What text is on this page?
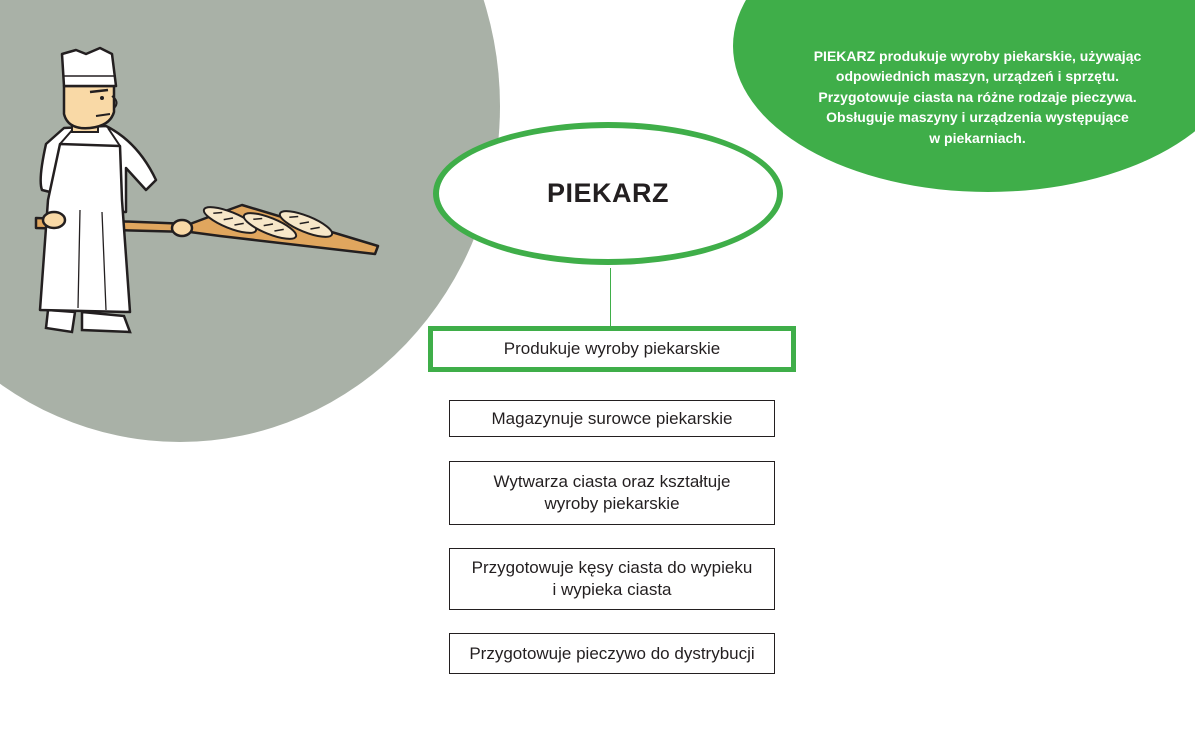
PIEKARZ produkuje wyroby piekarskie, używając
odpowiednich maszyn, urządzeń i sprzętu.
Przygotowuje ciasta na różne rodzaje pieczywa.
Obsługuje maszyny i urządzenia występujące
w piekarniach.
PIEKARZ
Produkuje wyroby piekarskie
Magazynuje surowce piekarskie
Wytwarza ciasta oraz kształtuje
wyroby piekarskie
Przygotowuje kęsy ciasta do wypieku
i wypieka ciasta
Przygotowuje pieczywo do dystrybucji
